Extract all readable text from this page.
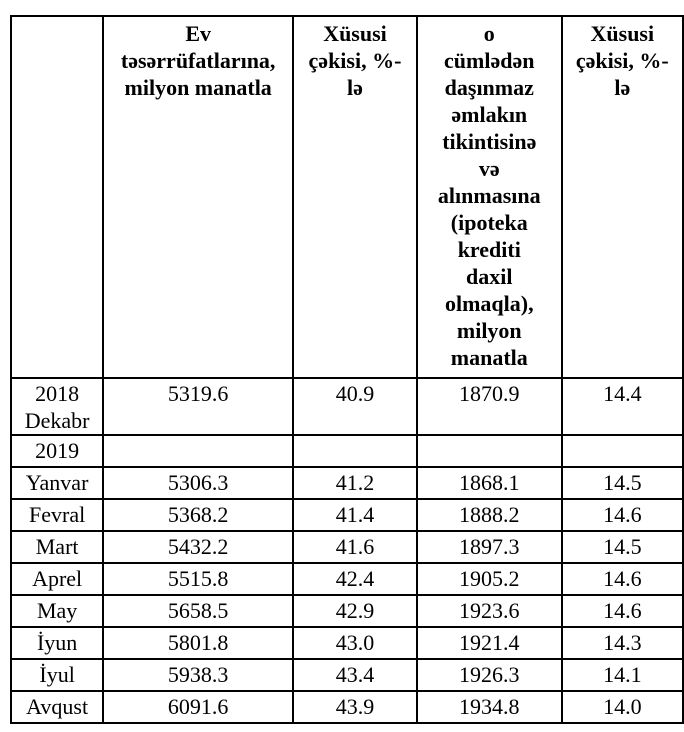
	Ev təsərrüfatlarına, milyon manatla	Xüsusi çəkisi, %-lə	o cümlədən daşınmaz əmlakın tikintisinə və alınmasına (ipoteka krediti daxil olmaqla), milyon manatla	Xüsusi çəkisi, %-lə
2018 Dekabr	5319.6	40.9	1870.9	14.4
2019				
Yanvar	5306.3	41.2	1868.1	14.5
Fevral	5368.2	41.4	1888.2	14.6
Mart	5432.2	41.6	1897.3	14.5
Aprel	5515.8	42.4	1905.2	14.6
May	5658.5	42.9	1923.6	14.6
İyun	5801.8	43.0	1921.4	14.3
İyul	5938.3	43.4	1926.3	14.1
Avqust	6091.6	43.9	1934.8	14.0
